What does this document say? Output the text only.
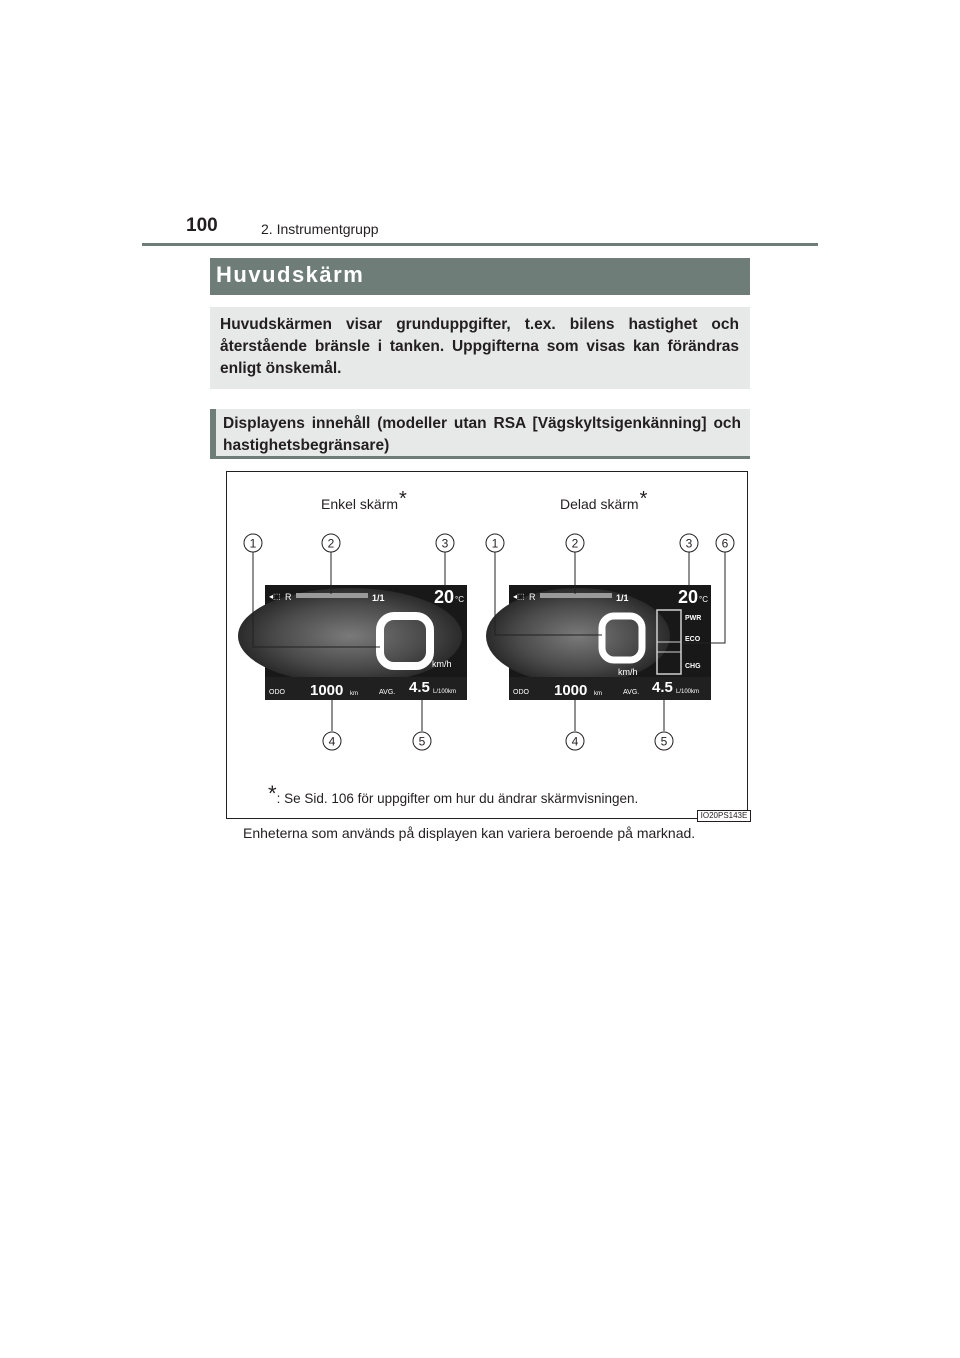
100	2. Instrumentgrupp
Huvudskärm
Huvudskärmen visar grunduppgifter, t.ex. bilens hastighet och återstående bränsle i tanken. Uppgifterna som visas kan förändras enligt önskemål.
Displayens innehåll (modeller utan RSA [Vägskyltsigenkänning] och hastighetsbegränsare)
◂⬚ R	1/1	20 °C
km/h
ODO 1000 km	AVG. 4.5 L/100km
◂⬚ R	1/1	20 °C
km/h
PWR
ECO
CHG
ODO 1000 km	AVG. 4.5 L/100km
1	2	3
4	5
1	2	3 6
4	5
Enkel skärm*	Delad skärm*
*: Se Sid. 106 för uppgifter om hur du ändrar skärmvisningen.
IO20PS143E
Enheterna som används på displayen kan variera beroende på marknad.
